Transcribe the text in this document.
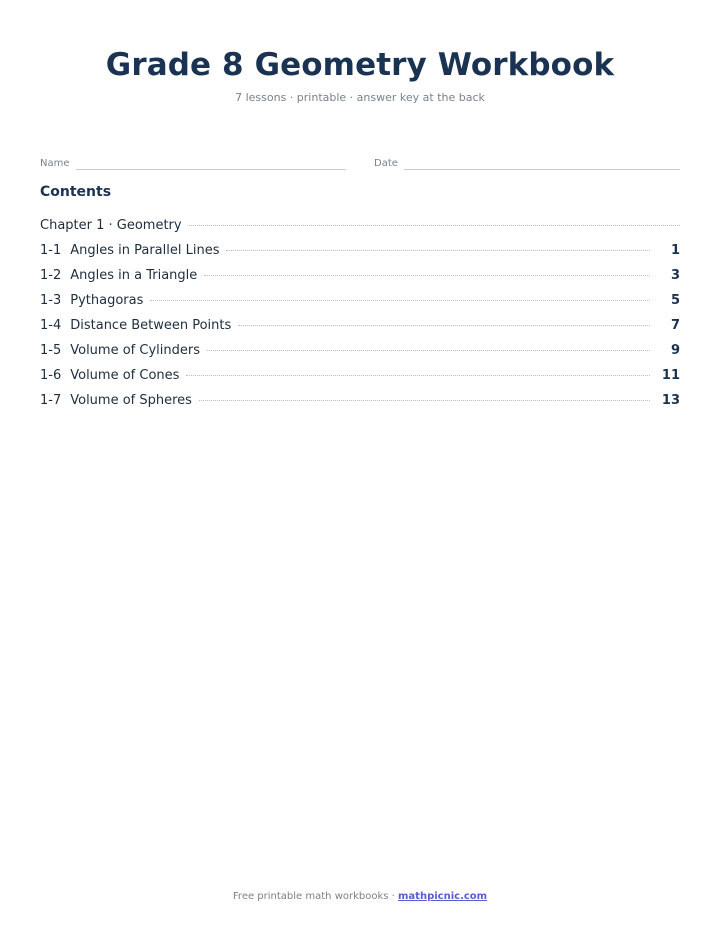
Grade 8 Geometry Workbook
7 lessons · printable · answer key at the back
Name	Date
Contents
Chapter 1 · Geometry
1-1 Angles in Parallel Lines	1
1-2 Angles in a Triangle	3
1-3 Pythagoras	5
1-4 Distance Between Points	7
1-5 Volume of Cylinders	9
1-6 Volume of Cones	11
1-7 Volume of Spheres	13
Free printable math workbooks · mathpicnic.com
